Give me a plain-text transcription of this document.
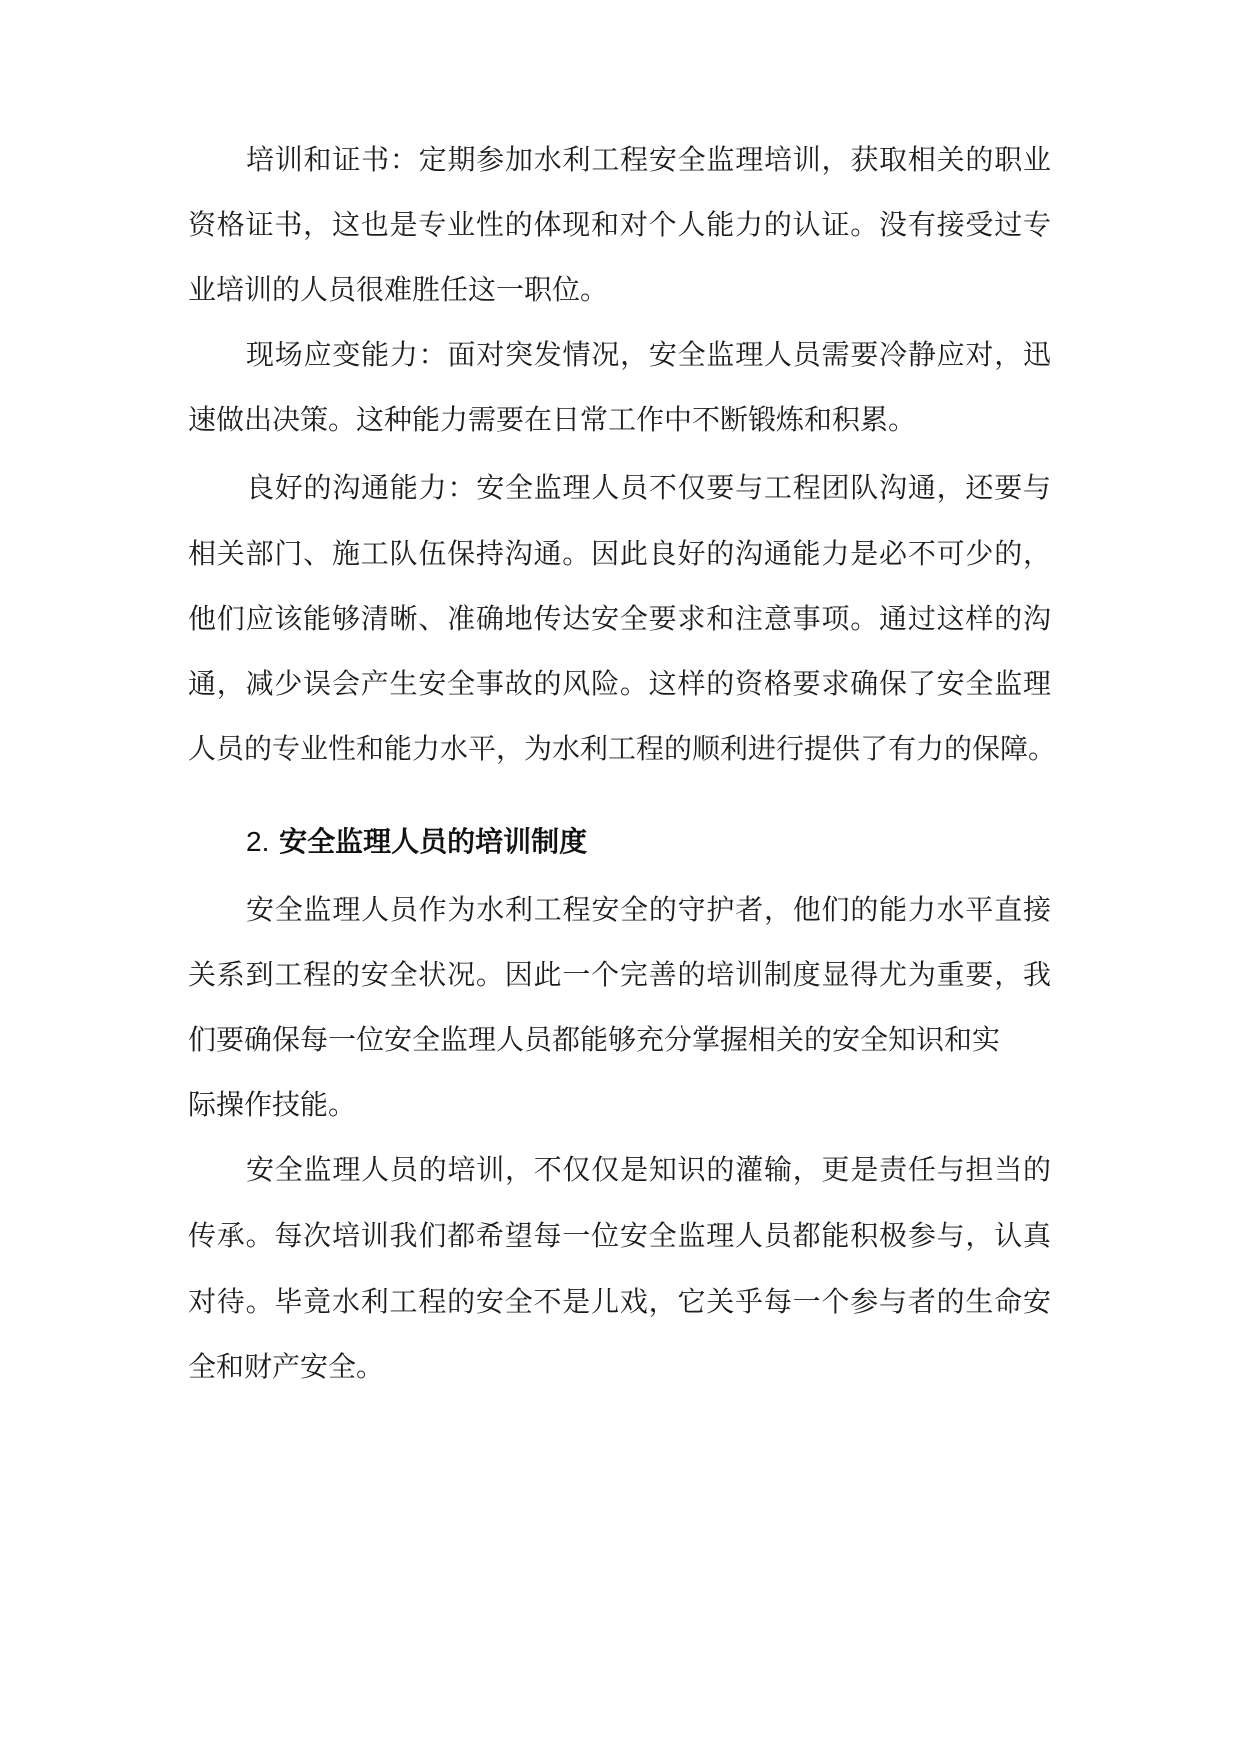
培训和证书：定期参加水利工程安全监理培训，获取相关的职业

资格证书，这也是专业性的体现和对个人能力的认证。没有接受过专

业培训的人员很难胜任这一职位。

现场应变能力：面对突发情况，安全监理人员需要冷静应对，迅

速做出决策。这种能力需要在日常工作中不断锻炼和积累。

良好的沟通能力：安全监理人员不仅要与工程团队沟通，还要与

相关部门、施工队伍保持沟通。因此良好的沟通能力是必不可少的，

他们应该能够清晰、准确地传达安全要求和注意事项。通过这样的沟

通，减少误会产生安全事故的风险。这样的资格要求确保了安全监理

人员的专业性和能力水平，为水利工程的顺利进行提供了有力的保障。

2. 安全监理人员的培训制度

安全监理人员作为水利工程安全的守护者，他们的能力水平直接

关系到工程的安全状况。因此一个完善的培训制度显得尤为重要，我

们要确保每一位安全监理人员都能够充分掌握相关的安全知识和实

际操作技能。

安全监理人员的培训，不仅仅是知识的灌输，更是责任与担当的

传承。每次培训我们都希望每一位安全监理人员都能积极参与，认真

对待。毕竟水利工程的安全不是儿戏，它关乎每一个参与者的生命安

全和财产安全。
